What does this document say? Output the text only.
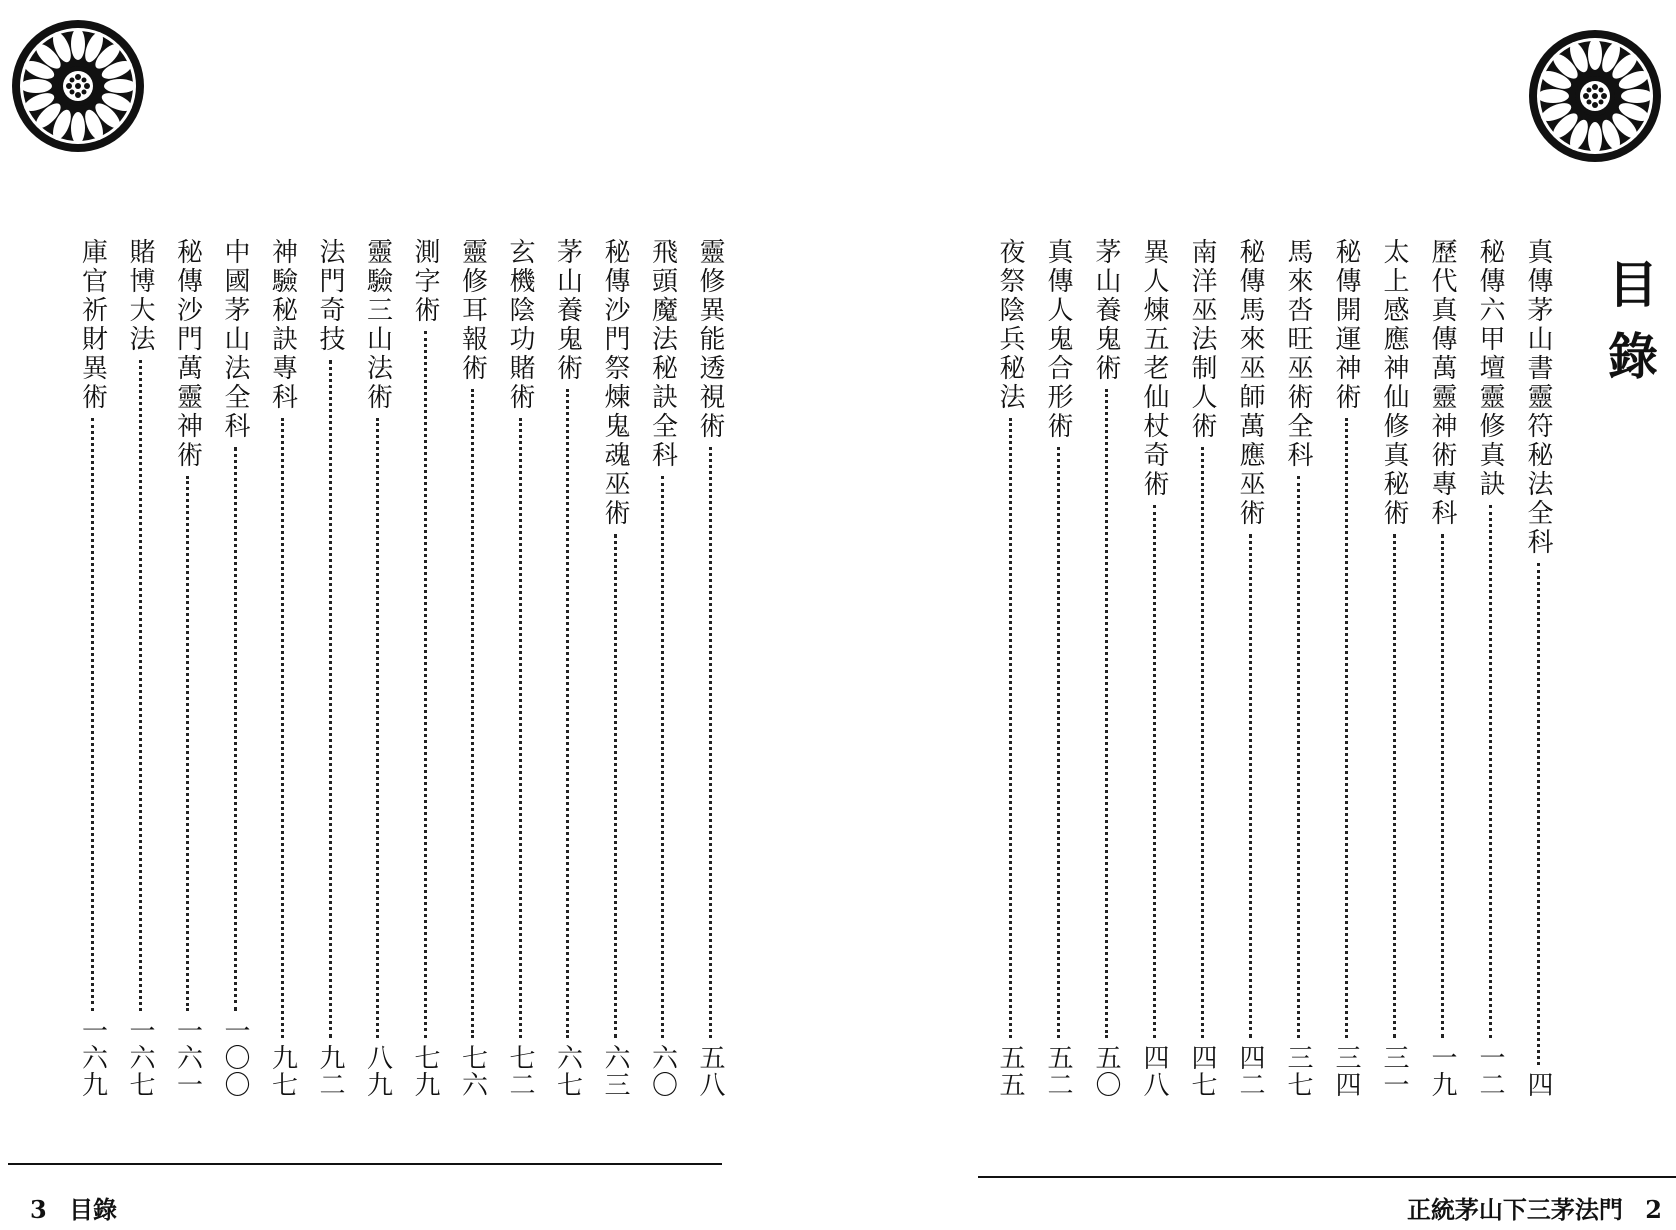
靈修異能透視術
五八
飛頭魔法秘訣全科
六〇
秘傳沙門祭煉鬼魂巫術
六三
茅山養鬼術
六七
玄機陰功賭術
七二
靈修耳報術
七六
測字術
七九
靈驗三山法術
八九
法門奇技
九二
神驗秘訣專科
九七
中國茅山法全科
一〇〇
秘傳沙門萬靈神術
一六一
賭博大法
一六七
庫官祈財異術
一六九
3 目錄
真傳茅山書靈符秘法全科
四
秘傳六甲壇靈修真訣
一二
歷代真傳萬靈神術專科
一九
太上感應神仙修真秘術
三一
秘傳開運神術
三四
馬來呇旺巫術全科
三七
秘傳馬來巫師萬應巫術
四二
南洋巫法制人術
四七
異人煉五老仙杖奇術
四八
茅山養鬼術
五〇
真傳人鬼合形術
五二
夜祭陰兵秘法
五五
正統茅山下三茅法門 2
目錄
